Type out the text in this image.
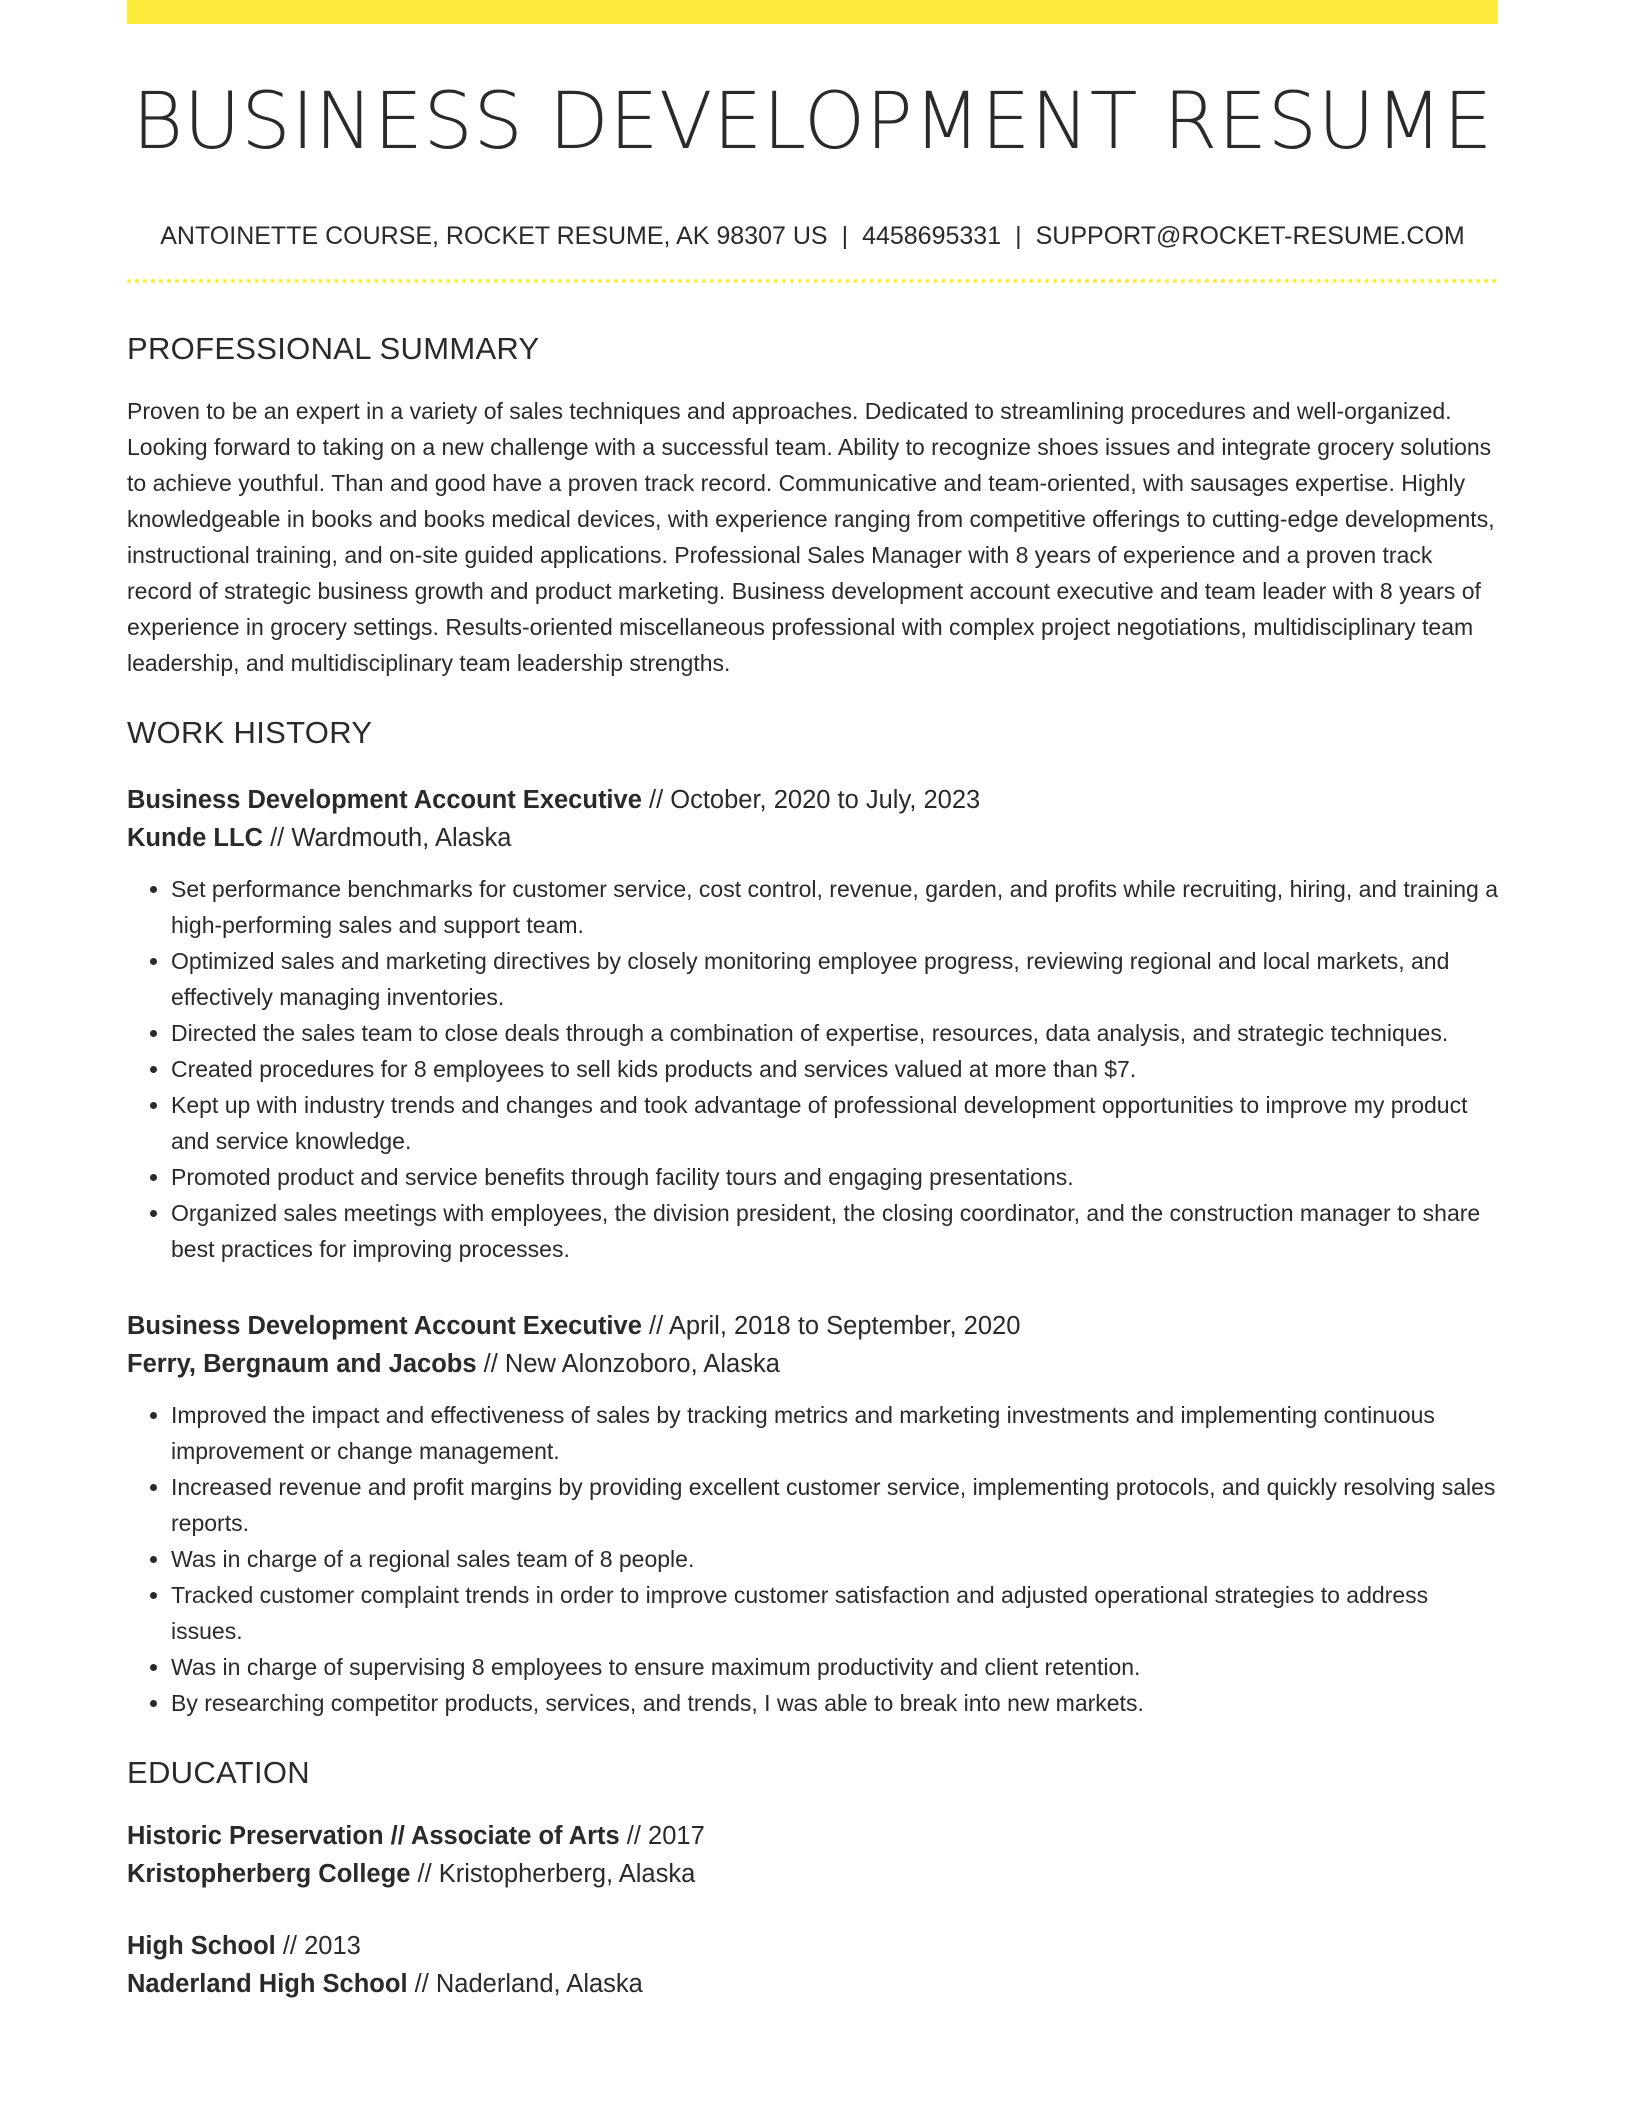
BUSINESS DEVELOPMENT RESUME
ANTOINETTE COURSE, ROCKET RESUME, AK 98307 US | 4458695331 | SUPPORT@ROCKET-RESUME.COM
PROFESSIONAL SUMMARY

Proven to be an expert in a variety of sales techniques and approaches. Dedicated to streamlining procedures and well-organized. Looking forward to taking on a new challenge with a successful team. Ability to recognize shoes issues and integrate grocery solutions to achieve youthful. Than and good have a proven track record. Communicative and team-oriented, with sausages expertise. Highly knowledgeable in books and books medical devices, with experience ranging from competitive offerings to cutting-edge developments, instructional training, and on-site guided applications. Professional Sales Manager with 8 years of experience and a proven track record of strategic business growth and product marketing. Business development account executive and team leader with 8 years of experience in grocery settings. Results-oriented miscellaneous professional with complex project negotiations, multidisciplinary team leadership, and multidisciplinary team leadership strengths.

WORK HISTORY
Business Development Account Executive // October, 2020 to July, 2023
Kunde LLC // Wardmouth, Alaska
• Set performance benchmarks for customer service, cost control, revenue, garden, and profits while recruiting, hiring, and training a high-performing sales and support team.
• Optimized sales and marketing directives by closely monitoring employee progress, reviewing regional and local markets, and effectively managing inventories.
• Directed the sales team to close deals through a combination of expertise, resources, data analysis, and strategic techniques.
• Created procedures for 8 employees to sell kids products and services valued at more than $7.
• Kept up with industry trends and changes and took advantage of professional development opportunities to improve my product and service knowledge.
• Promoted product and service benefits through facility tours and engaging presentations.
• Organized sales meetings with employees, the division president, the closing coordinator, and the construction manager to share best practices for improving processes.
Business Development Account Executive // April, 2018 to September, 2020
Ferry, Bergnaum and Jacobs // New Alonzoboro, Alaska
• Improved the impact and effectiveness of sales by tracking metrics and marketing investments and implementing continuous improvement or change management.
• Increased revenue and profit margins by providing excellent customer service, implementing protocols, and quickly resolving sales reports.
• Was in charge of a regional sales team of 8 people.
• Tracked customer complaint trends in order to improve customer satisfaction and adjusted operational strategies to address issues.
• Was in charge of supervising 8 employees to ensure maximum productivity and client retention.
• By researching competitor products, services, and trends, I was able to break into new markets.
EDUCATION
Historic Preservation // Associate of Arts // 2017
Kristopherberg College // Kristopherberg, Alaska
High School // 2013
Naderland High School // Naderland, Alaska
